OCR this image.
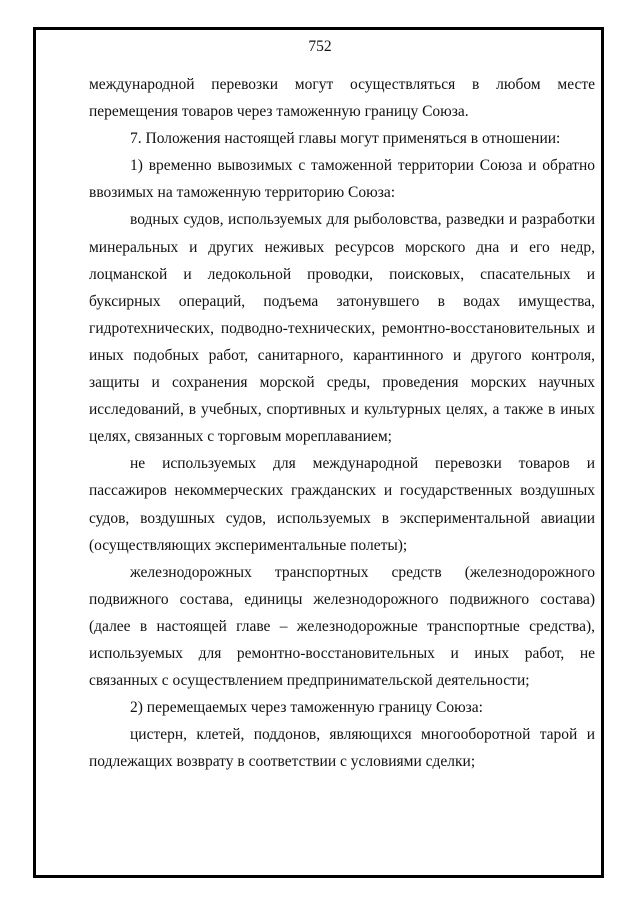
752

международной перевозки могут осуществляться в любом месте перемещения товаров через таможенную границу Союза.

7. Положения настоящей главы могут применяться в отношении:

1) временно вывозимых с таможенной территории Союза и обратно ввозимых на таможенную территорию Союза:

водных судов, используемых для рыболовства, разведки и разработки минеральных и других неживых ресурсов морского дна и его недр, лоцманской и ледокольной проводки, поисковых, спасательных и буксирных операций, подъема затонувшего в водах имущества, гидротехнических, подводно-технических, ремонтно-восстановительных и иных подобных работ, санитарного, карантинного и другого контроля, защиты и сохранения морской среды, проведения морских научных исследований, в учебных, спортивных и культурных целях, а также в иных целях, связанных с торговым мореплаванием;

не используемых для международной перевозки товаров и пассажиров некоммерческих гражданских и государственных воздушных судов, воздушных судов, используемых в экспериментальной авиации (осуществляющих экспериментальные полеты);

железнодорожных транспортных средств (железнодорожного подвижного состава, единицы железнодорожного подвижного состава) (далее в настоящей главе – железнодорожные транспортные средства), используемых для ремонтно-восстановительных и иных работ, не связанных с осуществлением предпринимательской деятельности;

2) перемещаемых через таможенную границу Союза:

цистерн, клетей, поддонов, являющихся многооборотной тарой и подлежащих возврату в соответствии с условиями сделки;
